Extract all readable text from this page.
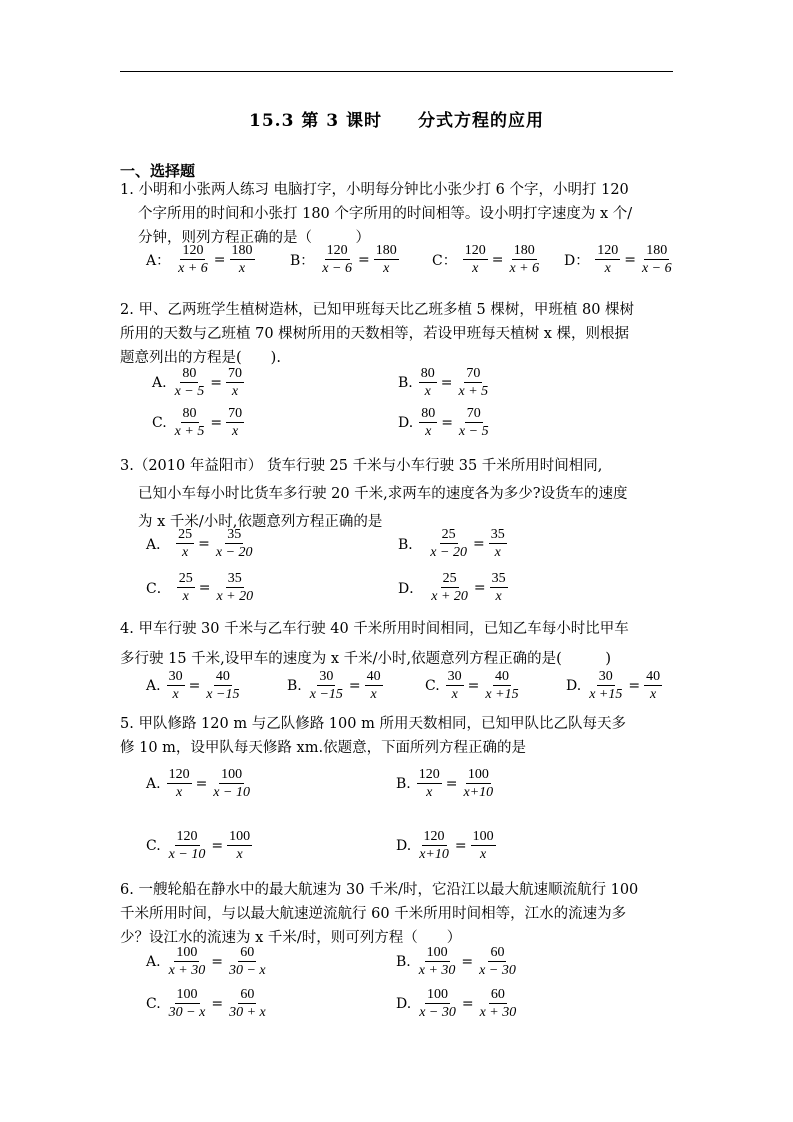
15.3 第 3 课时　　分式方程的应用
一、选择题
1. 小明和小张两人练习 电脑打字，小明每分钟比小张少打 6 个字，小明打 120
个字所用的时间和小张打 180 个字所用的时间相等。设小明打字速度为 x 个/
分钟，则列方程正确的是（　　　）
A： $\frac{120}{x + 6} = \frac{180}{x}$	B： $\frac{120}{x - 6} = \frac{180}{x}$ C： $\frac{120}{x} = \frac{180}{x + 6}$ D： $\frac{120}{x} = \frac{180}{x - 6}$
2. 甲、乙两班学生植树造林，已知甲班每天比乙班多植 5 棵树，甲班植 80 棵树
所用的天数与乙班植 70 棵树所用的天数相等，若设甲班每天植树 x 棵，则根据
题意列出的方程是(　　).
A. $\frac{80}{x - 5} = \frac{70}{x}$	B. $\frac{80}{x} = \frac{70}{x + 5}$
C. $\frac{80}{x + 5} = \frac{70}{x}$	D. $\frac{80}{x} = \frac{70}{x - 5}$
3.（2010 年益阳市） 货车行驶 25 千米与小车行驶 35 千米所用时间相同,
已知小车每小时比货车多行驶 20 千米,求两车的速度各为多少?设货车的速度
为 x 千米/小时,依题意列方程正确的是
A． $\frac{25}{x} = \frac{35}{x - 20}$	B． $\frac{25}{x - 20} = \frac{35}{x}$
C． $\frac{25}{x} = \frac{35}{x + 20}$	D． $\frac{25}{x + 20} = \frac{35}{x}$
4. 甲车行驶 30 千米与乙车行驶 40 千米所用时间相同，已知乙车每小时比甲车
多行驶 15 千米,设甲车的速度为 x 千米/小时,依题意列方程正确的是(　　　)
A. $\frac{30}{x} = \frac{40}{x -15}$	B. $\frac{30}{x -15} = \frac{40}{x}$	C. $\frac{30}{x} = \frac{40}{x +15}$	D. $\frac{30}{x +15} = \frac{40}{x}$
5. 甲队修路 120 m 与乙队修路 100 m 所用天数相同，已知甲队比乙队每天多
修 10 m，设甲队每天修路 xm.依题意，下面所列方程正确的是
A. $\frac{120}{x} = \frac{100}{x - 10}$	B. $\frac{120}{x} = \frac{100}{x+10}$
C. $\frac{120}{x - 10} = \frac{100}{x}$	D. $\frac{120}{x+10} = \frac{100}{x}$
6. 一艘轮船在静水中的最大航速为 30 千米/时，它沿江以最大航速顺流航行 100
千米所用时间，与以最大航速逆流航行 60 千米所用时间相等，江水的流速为多
少？设江水的流速为 x 千米/时，则可列方程（　　）
A. $\frac{100}{x + 30} = \frac{60}{30 - x}$	B. $\frac{100}{x + 30} = \frac{60}{x - 30}$
C. $\frac{100}{30 - x} = \frac{60}{30 + x}$	D. $\frac{100}{x - 30} = \frac{60}{x + 30}$
